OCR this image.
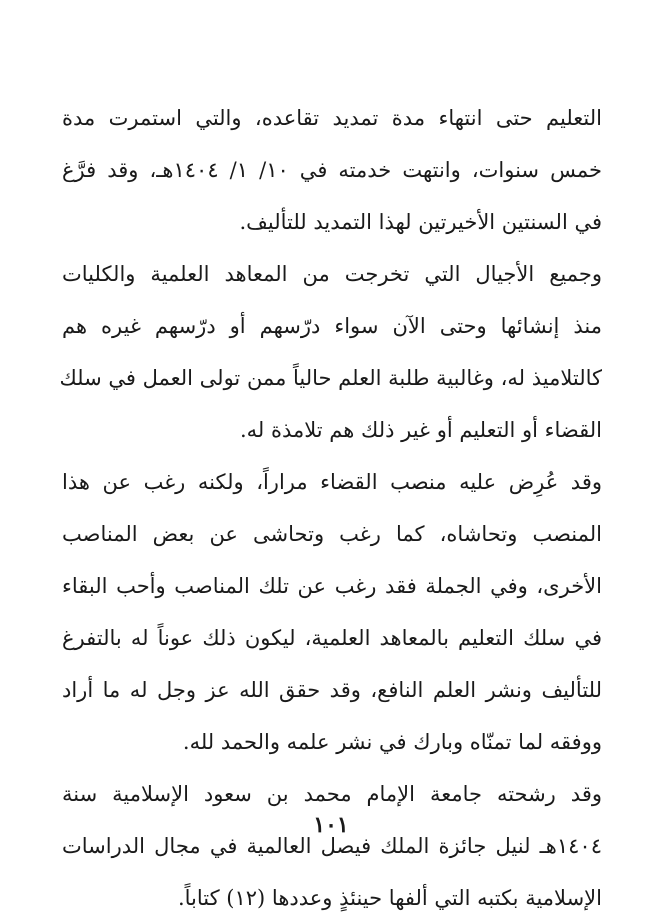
التعليم حتى انتهاء مدة تمديد تقاعده، والتي استمرت مدة
خمس سنوات، وانتهت خدمته في ١٠/ ١/ ١٤٠٤هـ، وقد فرَّغ
في السنتين الأخيرتين لهذا التمديد للتأليف.

وجميع الأجيال التي تخرجت من المعاهد العلمية والكليات
منذ إنشائها وحتى الآن سواء درّسهم أو درّسهم غيره هم
كالتلاميذ له، وغالبية طلبة العلم حالياً ممن تولى العمل في سلك
القضاء أو التعليم أو غير ذلك هم تلامذة له.

وقد عُرِض عليه منصب القضاء مراراً، ولكنه رغب عن هذا
المنصب وتحاشاه، كما رغب وتحاشى عن بعض المناصب
الأخرى، وفي الجملة فقد رغب عن تلك المناصب وأحب البقاء
في سلك التعليم بالمعاهد العلمية، ليكون ذلك عوناً له بالتفرغ
للتأليف ونشر العلم النافع، وقد حقق الله عز وجل له ما أراد
ووفقه لما تمنّاه وبارك في نشر علمه والحمد لله.

وقد رشحته جامعة الإمام محمد بن سعود الإسلامية سنة
١٤٠٤هـ لنيل جائزة الملك فيصل العالمية في مجال الدراسات
الإسلامية بكتبه التي ألفها حينئذٍ وعددها (١٢) كتاباً.

١٠١
